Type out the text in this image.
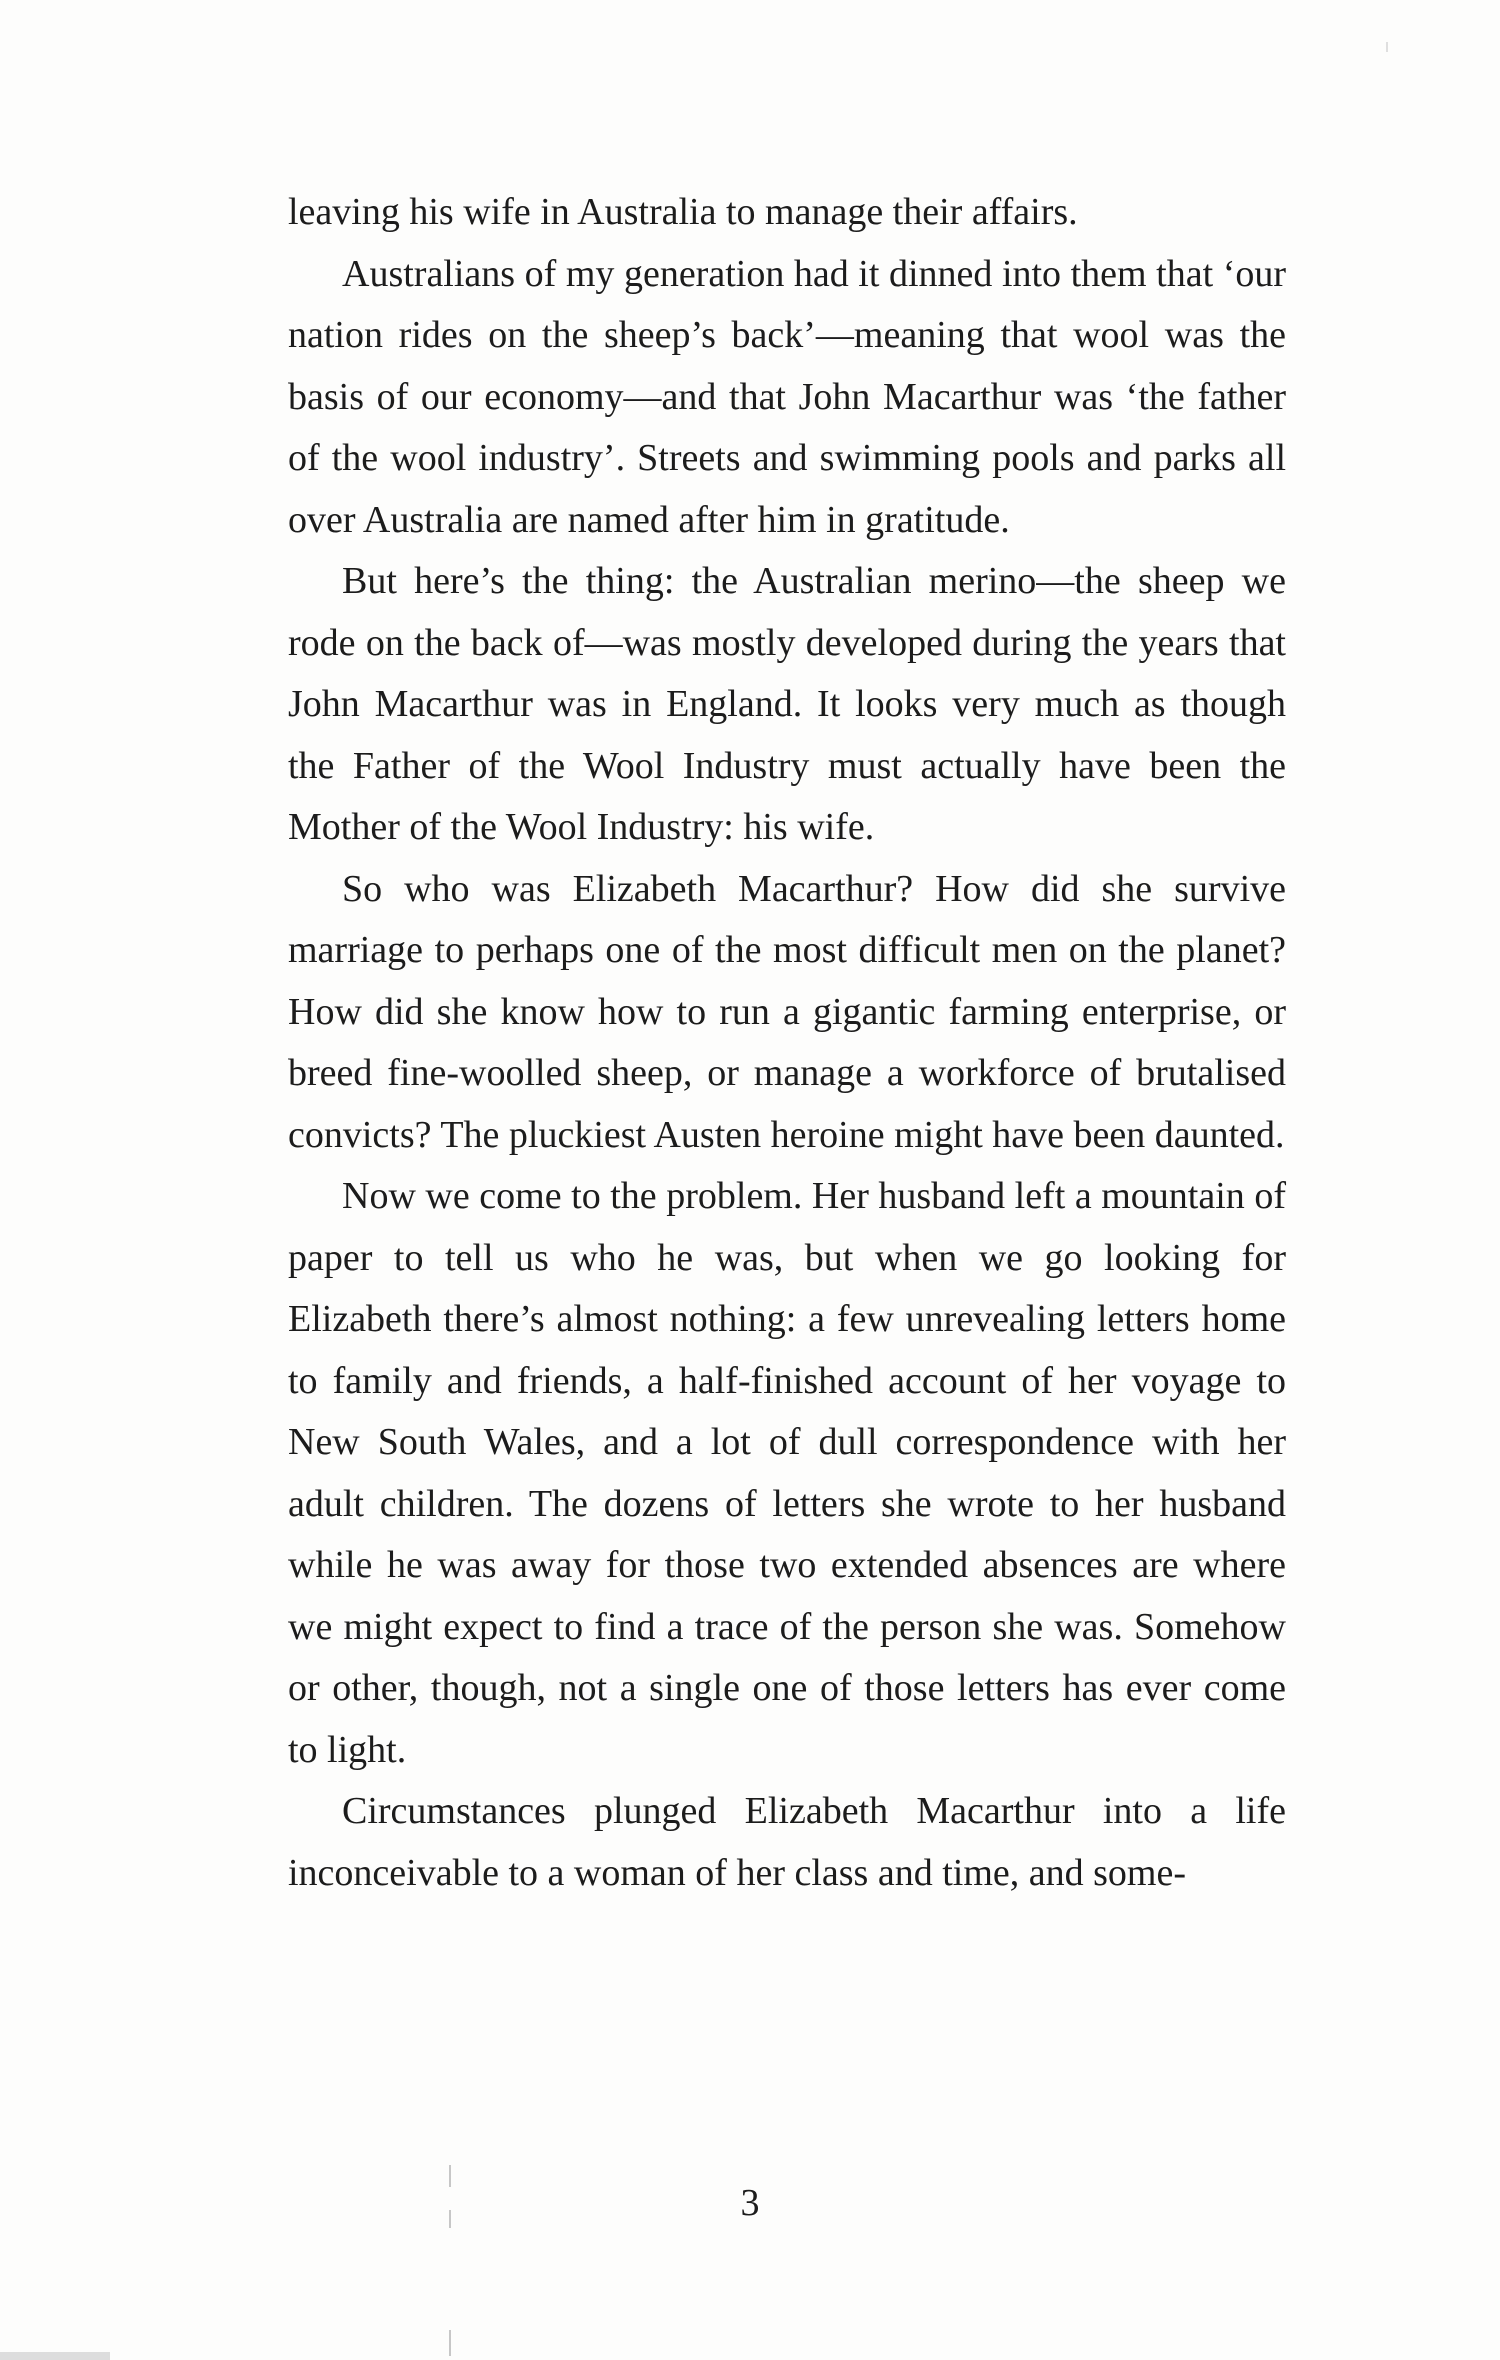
leaving his wife in Australia to manage their affairs.

Australians of my generation had it dinned into them that ‘our nation rides on the sheep’s back’—meaning that wool was the basis of our economy—and that John Macarthur was ‘the father of the wool industry’. Streets and swimming pools and parks all over Australia are named after him in gratitude.

But here’s the thing: the Australian merino—the sheep we rode on the back of—was mostly developed during the years that John Macarthur was in England. It looks very much as though the Father of the Wool Industry must actually have been the Mother of the Wool Industry: his wife.

So who was Elizabeth Macarthur? How did she survive marriage to perhaps one of the most difficult men on the planet? How did she know how to run a gigantic farming enterprise, or breed fine-woolled sheep, or manage a workforce of brutalised convicts? The pluckiest Austen heroine might have been daunted.

Now we come to the problem. Her husband left a mountain of paper to tell us who he was, but when we go looking for Elizabeth there’s almost nothing: a few unrevealing letters home to family and friends, a half-finished account of her voyage to New South Wales, and a lot of dull correspondence with her adult children. The dozens of letters she wrote to her husband while he was away for those two extended absences are where we might expect to find a trace of the person she was. Somehow or other, though, not a single one of those letters has ever come to light.

Circumstances plunged Elizabeth Macarthur into a life inconceivable to a woman of her class and time, and some-

3
